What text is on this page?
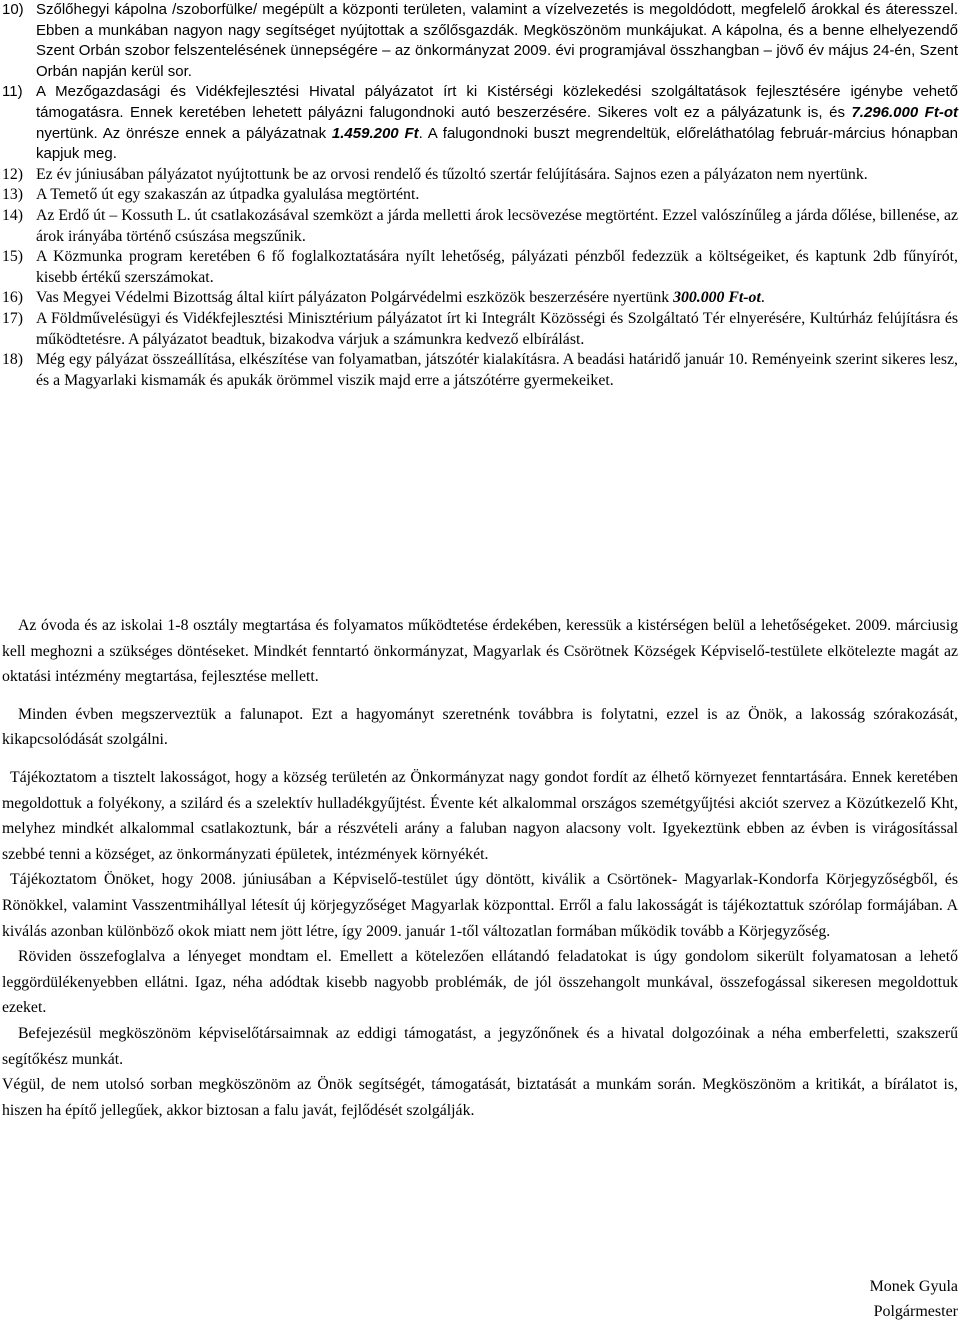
10) Szőlőhegyi kápolna /szoborfülke/ megépült a központi területen, valamint a vízelvezetés is megoldódott, megfelelő árokkal és áteresszel. Ebben a munkában nagyon nagy segítséget nyújtottak a szőlősgazdák. Megköszönöm munkájukat. A kápolna, és a benne elhelyezendő Szent Orbán szobor felszentelésének ünnepségére – az önkormányzat 2009. évi programjával összhangban – jövő év május 24-én, Szent Orbán napján kerül sor.
11) A Mezőgazdasági és Vidékfejlesztési Hivatal pályázatot írt ki Kistérségi közlekedési szolgáltatások fejlesztésére igénybe vehető támogatásra. Ennek keretében lehetett pályázni falugondnoki autó beszerzésére. Sikeres volt ez a pályázatunk is, és 7.296.000 Ft-ot nyertünk. Az önrésze ennek a pályázatnak 1.459.200 Ft. A falugondnoki buszt megrendeltük, előreláthatólag február-március hónapban kapjuk meg.
12) Ez év júniusában pályázatot nyújtottunk be az orvosi rendelő és tűzoltó szertár felújítására. Sajnos ezen a pályázaton nem nyertünk.
13) A Temető út egy szakaszán az útpadka gyalulása megtörtént.
14) Az Erdő út – Kossuth L. út csatlakozásával szemközt a járda melletti árok lecsövezése megtörtént. Ezzel valószínűleg a járda dőlése, billenése, az árok irányába történő csúszása megszűnik.
15) A Közmunka program keretében 6 fő foglalkoztatására nyílt lehetőség, pályázati pénzből fedezzük a költségeiket, és kaptunk 2db fűnyírót, kisebb értékű szerszámokat.
16) Vas Megyei Védelmi Bizottság által kiírt pályázaton Polgárvédelmi eszközök beszerzésére nyertünk 300.000 Ft-ot.
17) A Földművelésügyi és Vidékfejlesztési Minisztérium pályázatot írt ki Integrált Közösségi és Szolgáltató Tér elnyerésére, Kultúrház felújításra és működtetésre. A pályázatot beadtuk, bizakodva várjuk a számunkra kedvező elbírálást.
18) Még egy pályázat összeállítása, elkészítése van folyamatban, játszótér kialakításra. A beadási határidő január 10. Reményeink szerint sikeres lesz, és a Magyarlaki kismamák és apukák örömmel viszik majd erre a játszótérre gyermekeiket.

Az óvoda és az iskolai 1-8 osztály megtartása és folyamatos működtetése érdekében, keressük a kistérségen belül a lehetőségeket. 2009. márciusig kell meghozni a szükséges döntéseket. Mindkét fenntartó önkormányzat, Magyarlak és Csörötnek Községek Képviselő-testülete elkötelezte magát az oktatási intézmény megtartása, fejlesztése mellett.

Minden évben megszerveztük a falunapot. Ezt a hagyományt szeretnénk továbbra is folytatni, ezzel is az Önök, a lakosság szórakozását, kikapcsolódását szolgálni.

Tájékoztatom a tisztelt lakosságot, hogy a község területén az Önkormányzat nagy gondot fordít az élhető környezet fenntartására. Ennek keretében megoldottuk a folyékony, a szilárd és a szelektív hulladékgyűjtést. Évente két alkalommal országos szemétgyűjtési akciót szervez a Közútkezelő Kht, melyhez mindkét alkalommal csatlakoztunk, bár a részvételi arány a faluban nagyon alacsony volt. Igyekeztünk ebben az évben is virágosítással szebbé tenni a községet, az önkormányzati épületek, intézmények környékét.

Tájékoztatom Önöket, hogy 2008. júniusában a Képviselő-testület úgy döntött, kiválik a Csörtönek- Magyarlak-Kondorfa Körjegyzőségből, és Rönökkel, valamint Vasszentmihállyal létesít új körjegyzőséget Magyarlak központtal. Erről a falu lakosságát is tájékoztattuk szórólap formájában. A kiválás azonban különböző okok miatt nem jött létre, így 2009. január 1-től változatlan formában működik tovább a Körjegyzőség.

Röviden összefoglalva a lényeget mondtam el. Emellett a kötelezően ellátandó feladatokat is úgy gondolom sikerült folyamatosan a lehető leggördülékenyebben ellátni. Igaz, néha adódtak kisebb nagyobb problémák, de jól összehangolt munkával, összefogással sikeresen megoldottuk ezeket.

Befejezésül megköszönöm képviselőtársaimnak az eddigi támogatást, a jegyzőnőnek és a hivatal dolgozóinak a néha emberfeletti, szakszerű segítőkész munkát.

Végül, de nem utolsó sorban megköszönöm az Önök segítségét, támogatását, biztatását a munkám során. Megköszönöm a kritikát, a bírálatot is, hiszen ha építő jellegűek, akkor biztosan a falu javát, fejlődését szolgálják.

Monek Gyula
Polgármester
